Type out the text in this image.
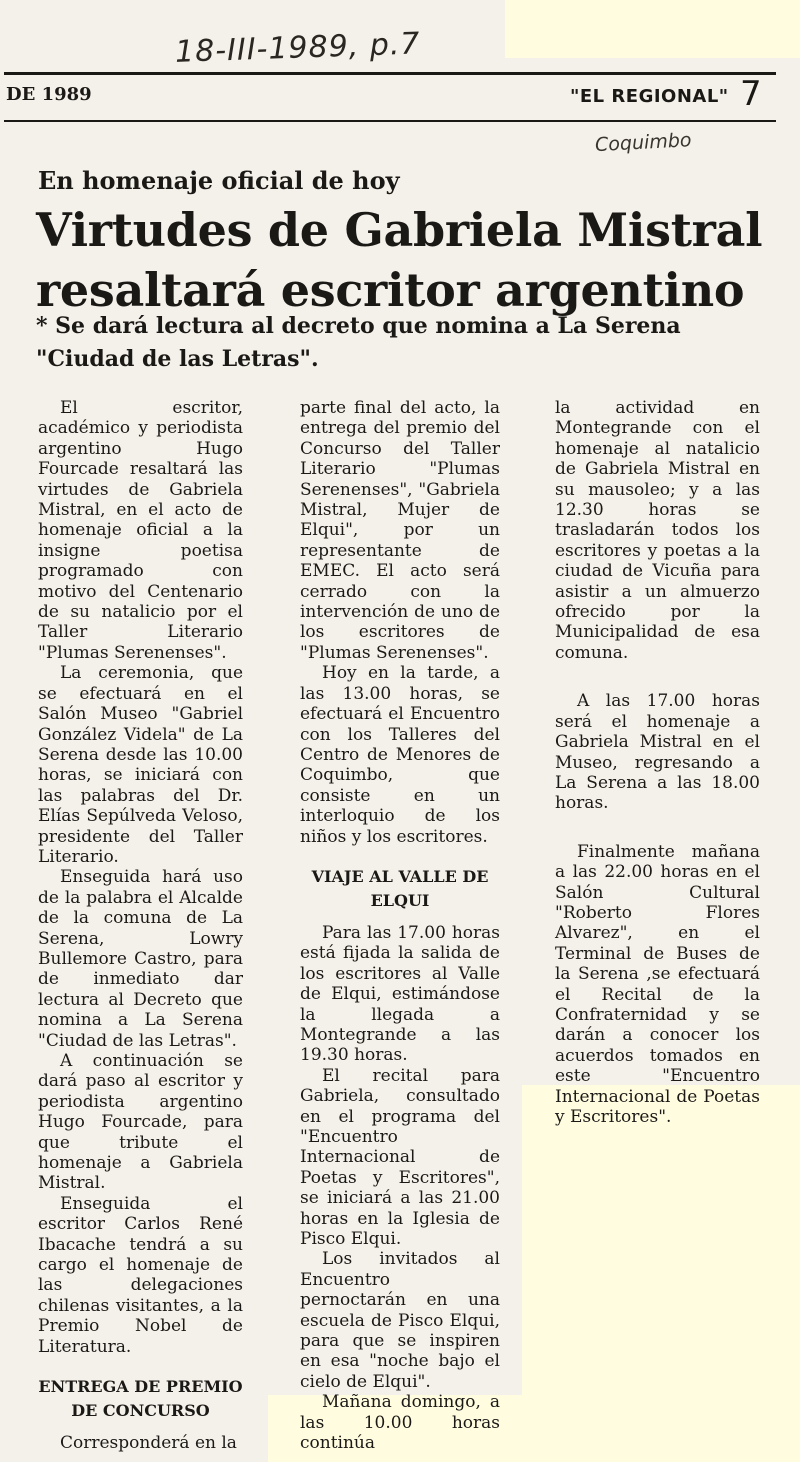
18-III-1989, p.7
Coquimbo
DE 1989	"EL REGIONAL" 7
En homenaje oficial de hoy
Virtudes de Gabriela Mistral resaltará escritor argentino
* Se dará lectura al decreto que nomina a La Serena
"Ciudad de las Letras".

El escritor, académico y periodista argentino Hugo Fourcade resaltará las virtudes de Gabriela Mistral, en el acto de homenaje oficial a la insigne poetisa programado con motivo del Centenario de su natalicio por el Taller Literario "Plumas Serenenses".

La ceremonia, que se efectuará en el Salón Museo "Gabriel González Videla" de La Serena desde las 10.00 horas, se iniciará con las palabras del Dr. Elías Sepúlveda Veloso, presidente del Taller Literario.

Enseguida hará uso de la palabra el Alcalde de la comuna de La Serena, Lowry Bullemore Castro, para de inmediato dar lectura al Decreto que nomina a La Serena "Ciudad de las Letras".

A continuación se dará paso al escritor y periodista argentino Hugo Fourcade, para que tribute el homenaje a Gabriela Mistral.

Enseguida el escritor Carlos René Ibacache tendrá a su cargo el homenaje de las delegaciones chilenas visitantes, a la Premio Nobel de Literatura.

ENTREGA DE PREMIO DE CONCURSO

Corresponderá en la

parte final del acto, la entrega del premio del Concurso del Taller Literario "Plumas Serenenses", "Gabriela Mistral, Mujer de Elqui", por un representante de EMEC. El acto será cerrado con la intervención de uno de los escritores de "Plumas Serenenses".

Hoy en la tarde, a las 13.00 horas, se efectuará el Encuentro con los Talleres del Centro de Menores de Coquimbo, que consiste en un interloquio de los niños y los escritores.

VIAJE AL VALLE DE ELQUI

Para las 17.00 horas está fijada la salida de los escritores al Valle de Elqui, estimándose la llegada a Montegrande a las 19.30 horas.

El recital para Gabriela, consultado en el programa del "Encuentro Internacional de Poetas y Escritores", se iniciará a las 21.00 horas en la Iglesia de Pisco Elqui.

Los invitados al Encuentro pernoctarán en una escuela de Pisco Elqui, para que se inspiren en esa "noche bajo el cielo de Elqui".

Mañana domingo, a las 10.00 horas continúa

la actividad en Montegrande con el homenaje al natalicio de Gabriela Mistral en su mausoleo; y a las 12.30 horas se trasladarán todos los escritores y poetas a la ciudad de Vicuña para asistir a un almuerzo ofrecido por la Municipalidad de esa comuna.

A las 17.00 horas será el homenaje a Gabriela Mistral en el Museo, regresando a La Serena a las 18.00 horas.

Finalmente mañana a las 22.00 horas en el Salón Cultural "Roberto Flores Alvarez", en el Terminal de Buses de la Serena ,se efectuará el Recital de la Confraternidad y se darán a conocer los acuerdos tomados en este "Encuentro Internacional de Poetas y Escritores".
